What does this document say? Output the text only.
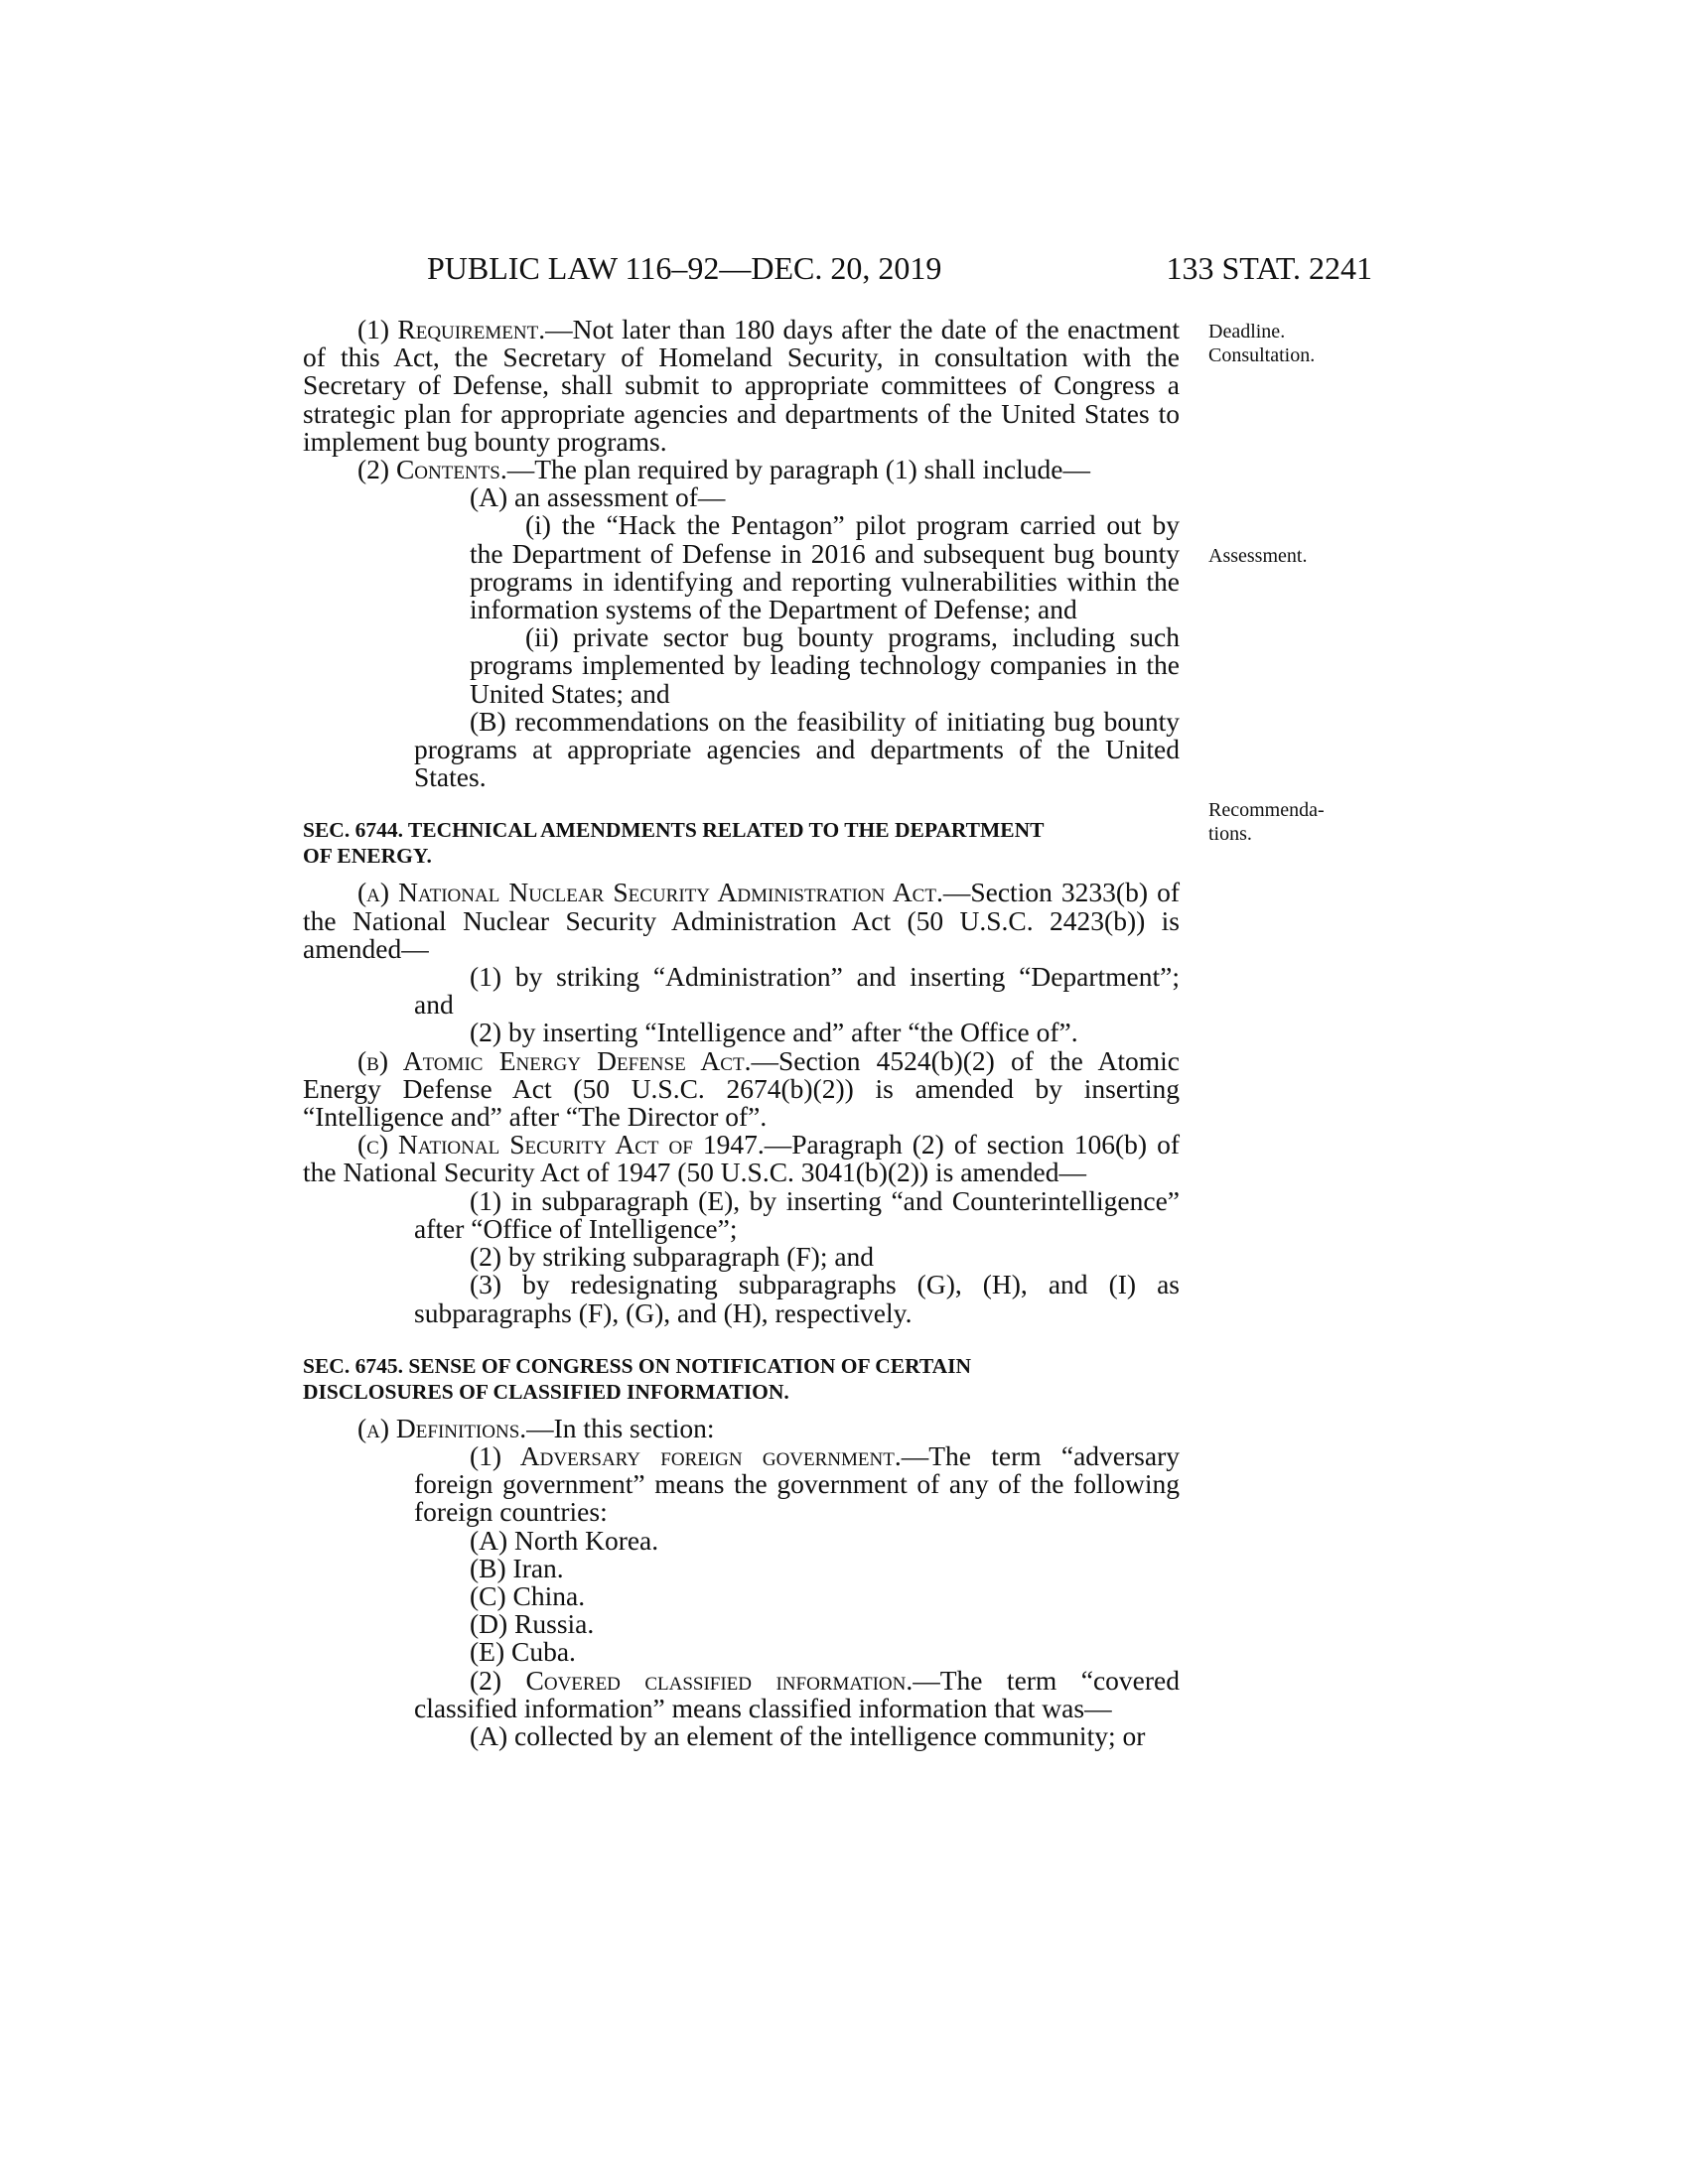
PUBLIC LAW 116–92—DEC. 20, 2019	133 STAT. 2241
Deadline.
Consultation.
Assessment.
Recommenda-
tions.

(1) Requirement.—Not later than 180 days after the date of the enactment of this Act, the Secretary of Homeland Security, in consultation with the Secretary of Defense, shall submit to appropriate committees of Congress a strategic plan for appropriate agencies and departments of the United States to implement bug bounty programs.

(2) Contents.—The plan required by paragraph (1) shall include—

(A) an assessment of—

(i) the “Hack the Pentagon” pilot program carried out by the Department of Defense in 2016 and subsequent bug bounty programs in identifying and reporting vulnerabilities within the information systems of the Department of Defense; and

(ii) private sector bug bounty programs, including such programs implemented by leading technology companies in the United States; and

(B) recommendations on the feasibility of initiating bug bounty programs at appropriate agencies and departments of the United States.

SEC. 6744. TECHNICAL AMENDMENTS RELATED TO THE DEPARTMENT
OF ENERGY.

(a) National Nuclear Security Administration Act.—Section 3233(b) of the National Nuclear Security Administration Act (50 U.S.C. 2423(b)) is amended—

(1) by striking “Administration” and inserting “Department”; and

(2) by inserting “Intelligence and” after “the Office of”.

(b) Atomic Energy Defense Act.—Section 4524(b)(2) of the Atomic Energy Defense Act (50 U.S.C. 2674(b)(2)) is amended by inserting “Intelligence and” after “The Director of”.

(c) National Security Act of 1947.—Paragraph (2) of section 106(b) of the National Security Act of 1947 (50 U.S.C. 3041(b)(2)) is amended—

(1) in subparagraph (E), by inserting “and Counterintelligence” after “Office of Intelligence”;

(2) by striking subparagraph (F); and

(3) by redesignating subparagraphs (G), (H), and (I) as subparagraphs (F), (G), and (H), respectively.

SEC. 6745. SENSE OF CONGRESS ON NOTIFICATION OF CERTAIN
DISCLOSURES OF CLASSIFIED INFORMATION.

(a) Definitions.—In this section:

(1) Adversary foreign government.—The term “adversary foreign government” means the government of any of the following foreign countries:

(A) North Korea.
(B) Iran.
(C) China.
(D) Russia.
(E) Cuba.

(2) Covered classified information.—The term “covered classified information” means classified information that was—

(A) collected by an element of the intelligence community; or
